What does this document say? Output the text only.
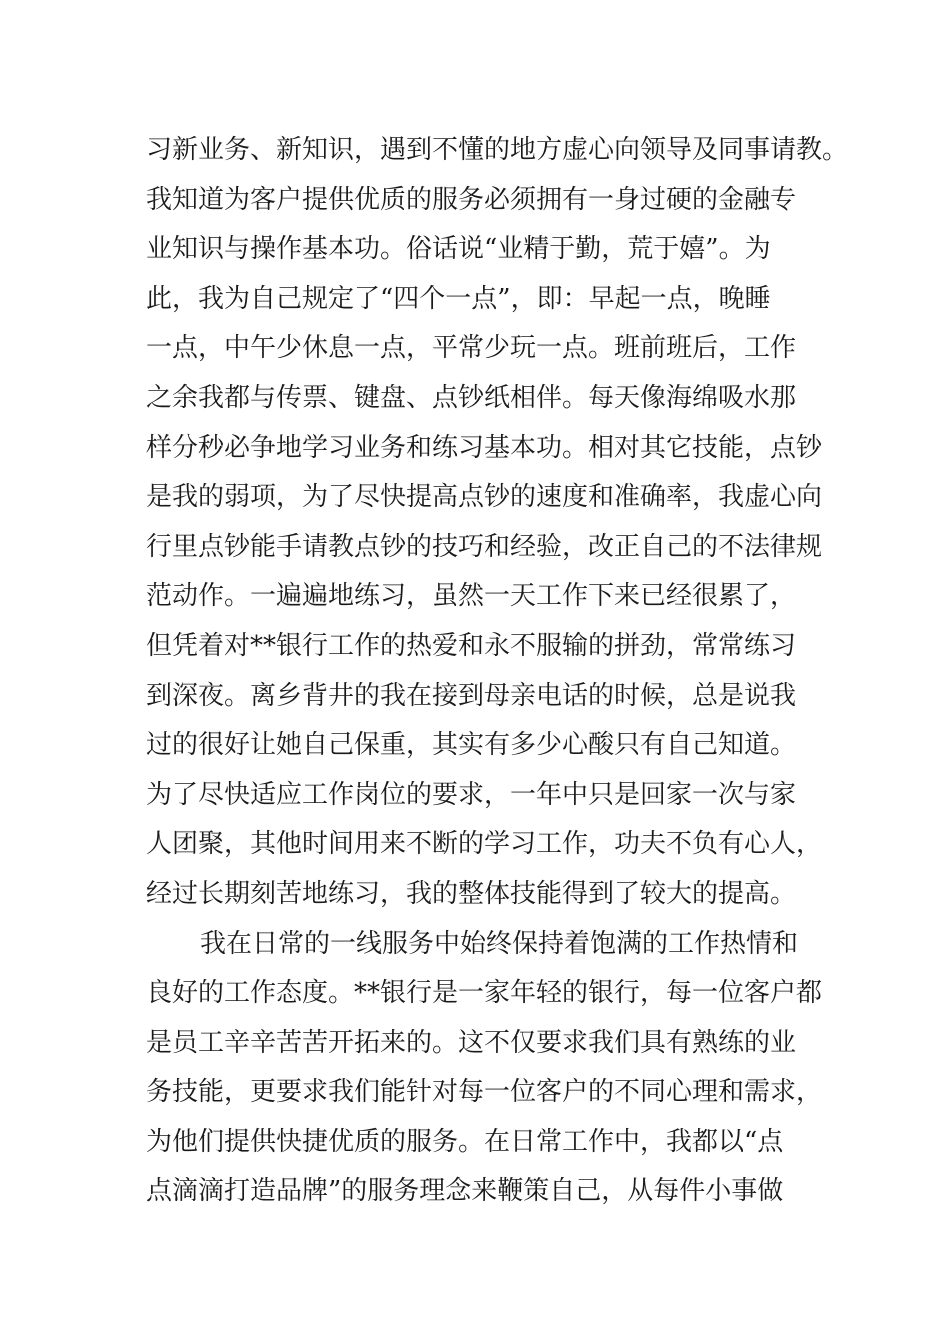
习新业务、新知识，遇到不懂的地方虚心向领导及同事请教。
我知道为客户提供优质的服务必须拥有一身过硬的金融专
业知识与操作基本功。俗话说“业精于勤，荒于嬉”。为
此，我为自己规定了“四个一点”，即：早起一点，晚睡
一点，中午少休息一点，平常少玩一点。班前班后，工作
之余我都与传票、键盘、点钞纸相伴。每天像海绵吸水那
样分秒必争地学习业务和练习基本功。相对其它技能，点钞
是我的弱项，为了尽快提高点钞的速度和准确率，我虚心向
行里点钞能手请教点钞的技巧和经验，改正自己的不法律规
范动作。一遍遍地练习，虽然一天工作下来已经很累了，
但凭着对**银行工作的热爱和永不服输的拼劲，常常练习
到深夜。离乡背井的我在接到母亲电话的时候，总是说我
过的很好让她自己保重，其实有多少心酸只有自己知道。
为了尽快适应工作岗位的要求，一年中只是回家一次与家
人团聚，其他时间用来不断的学习工作，功夫不负有心人，
经过长期刻苦地练习，我的整体技能得到了较大的提高。
我在日常的一线服务中始终保持着饱满的工作热情和
良好的工作态度。**银行是一家年轻的银行，每一位客户都
是员工辛辛苦苦开拓来的。这不仅要求我们具有熟练的业
务技能，更要求我们能针对每一位客户的不同心理和需求，
为他们提供快捷优质的服务。在日常工作中，我都以“点
点滴滴打造品牌”的服务理念来鞭策自己，从每件小事做
